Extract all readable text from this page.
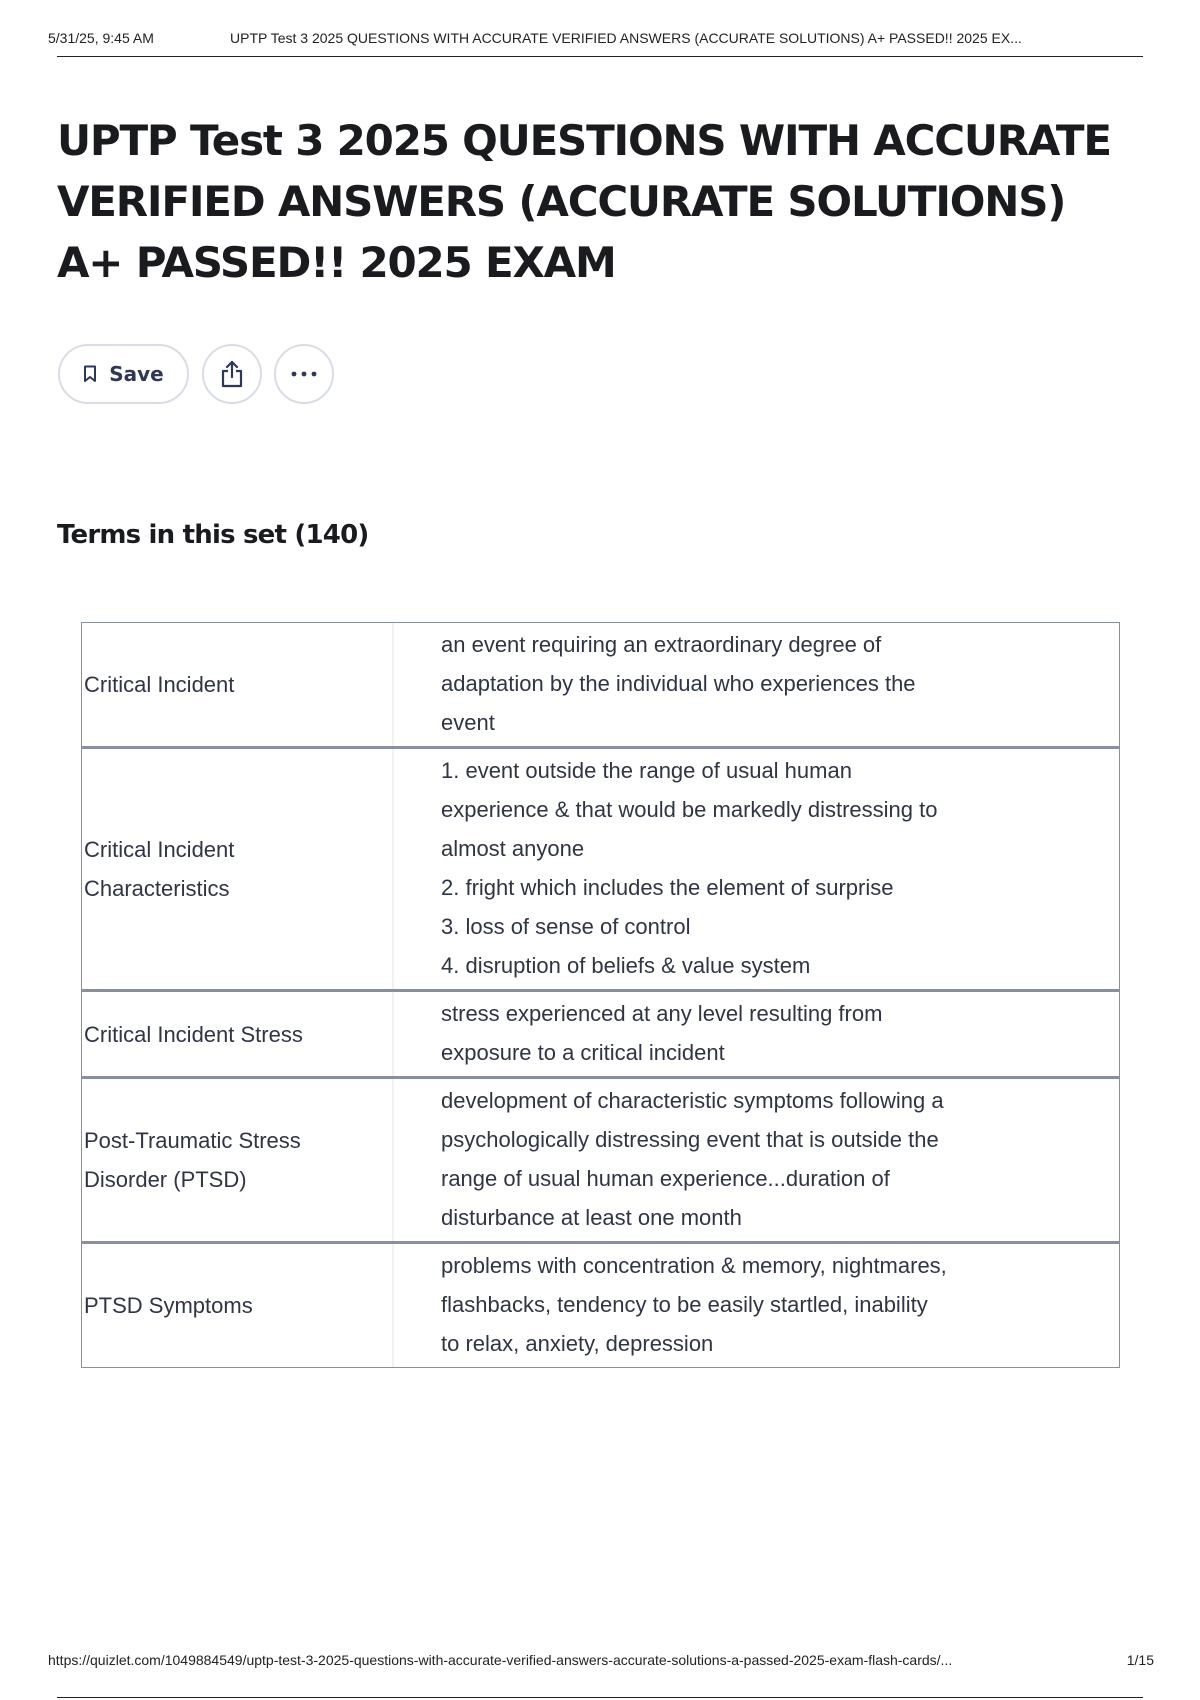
5/31/25, 9:45 AM	UPTP Test 3 2025 QUESTIONS WITH ACCURATE VERIFIED ANSWERS (ACCURATE SOLUTIONS) A+ PASSED!! 2025 EX...
UPTP Test 3 2025 QUESTIONS WITH ACCURATE
VERIFIED ANSWERS (ACCURATE SOLUTIONS)
A+ PASSED!! 2025 EXAM
Save
Terms in this set (140)
Critical Incident
an event requiring an extraordinary degree of
adaptation by the individual who experiences the
event
Critical Incident
Characteristics
1. event outside the range of usual human
experience & that would be markedly distressing to
almost anyone
2. fright which includes the element of surprise
3. loss of sense of control
4. disruption of beliefs & value system
Critical Incident Stress
stress experienced at any level resulting from
exposure to a critical incident
Post-Traumatic Stress
Disorder (PTSD)
development of characteristic symptoms following a
psychologically distressing event that is outside the
range of usual human experience...duration of
disturbance at least one month
PTSD Symptoms
problems with concentration & memory, nightmares,
flashbacks, tendency to be easily startled, inability
to relax, anxiety, depression
https://quizlet.com/1049884549/uptp-test-3-2025-questions-with-accurate-verified-answers-accurate-solutions-a-passed-2025-exam-flash-cards/...	1/15
